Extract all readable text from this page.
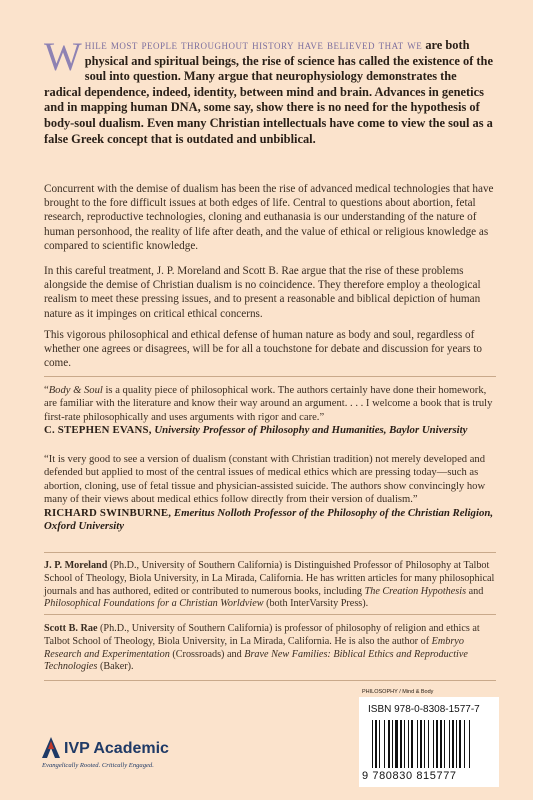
While most people throughout history have believed that we are both physical and spiritual beings, the rise of science has called the existence of the soul into question. Many argue that neurophysiology demonstrates the radical dependence, indeed, identity, between mind and brain. Advances in genetics and in mapping human DNA, some say, show there is no need for the hypothesis of body-soul dualism. Even many Christian intellectuals have come to view the soul as a false Greek concept that is outdated and unbiblical.
Concurrent with the demise of dualism has been the rise of advanced medical technologies that have brought to the fore difficult issues at both edges of life. Central to questions about abortion, fetal research, reproductive technologies, cloning and euthanasia is our understanding of the nature of human personhood, the reality of life after death, and the value of ethical or religious knowledge as compared to scientific knowledge.
In this careful treatment, J. P. Moreland and Scott B. Rae argue that the rise of these problems alongside the demise of Christian dualism is no coincidence. They therefore employ a theological realism to meet these pressing issues, and to present a reasonable and biblical depiction of human nature as it impinges on critical ethical concerns.
This vigorous philosophical and ethical defense of human nature as body and soul, regardless of whether one agrees or disagrees, will be for all a touchstone for debate and discussion for years to come.
“Body & Soul is a quality piece of philosophical work. The authors certainly have done their homework, are familiar with the literature and know their way around an argument. . . . I welcome a book that is truly first-rate philosophically and uses arguments with rigor and care.”
C. STEPHEN EVANS, University Professor of Philosophy and Humanities, Baylor University
“It is very good to see a version of dualism (constant with Christian tradition) not merely developed and defended but applied to most of the central issues of medical ethics which are pressing today—such as abortion, cloning, use of fetal tissue and physician-assisted suicide. The authors show convincingly how many of their views about medical ethics follow directly from their version of dualism.”
RICHARD SWINBURNE, Emeritus Nolloth Professor of the Philosophy of the Christian Religion, Oxford University
J. P. Moreland (Ph.D., University of Southern California) is Distinguished Professor of Philosophy at Talbot School of Theology, Biola University, in La Mirada, California. He has written articles for many philosophical journals and has authored, edited or contributed to numerous books, including The Creation Hypothesis and Philosophical Foundations for a Christian Worldview (both InterVarsity Press).
Scott B. Rae (Ph.D., University of Southern California) is professor of philosophy of religion and ethics at Talbot School of Theology, Biola University, in La Mirada, California. He is also the author of Embryo Research and Experimentation (Crossroads) and Brave New Families: Biblical Ethics and Reproductive Technologies (Baker).
IVP Academic
Evangelically Rooted. Critically Engaged.
PHILOSOPHY / Mind & Body
ISBN 978-0-8308-1577-7
9 780830 815777
